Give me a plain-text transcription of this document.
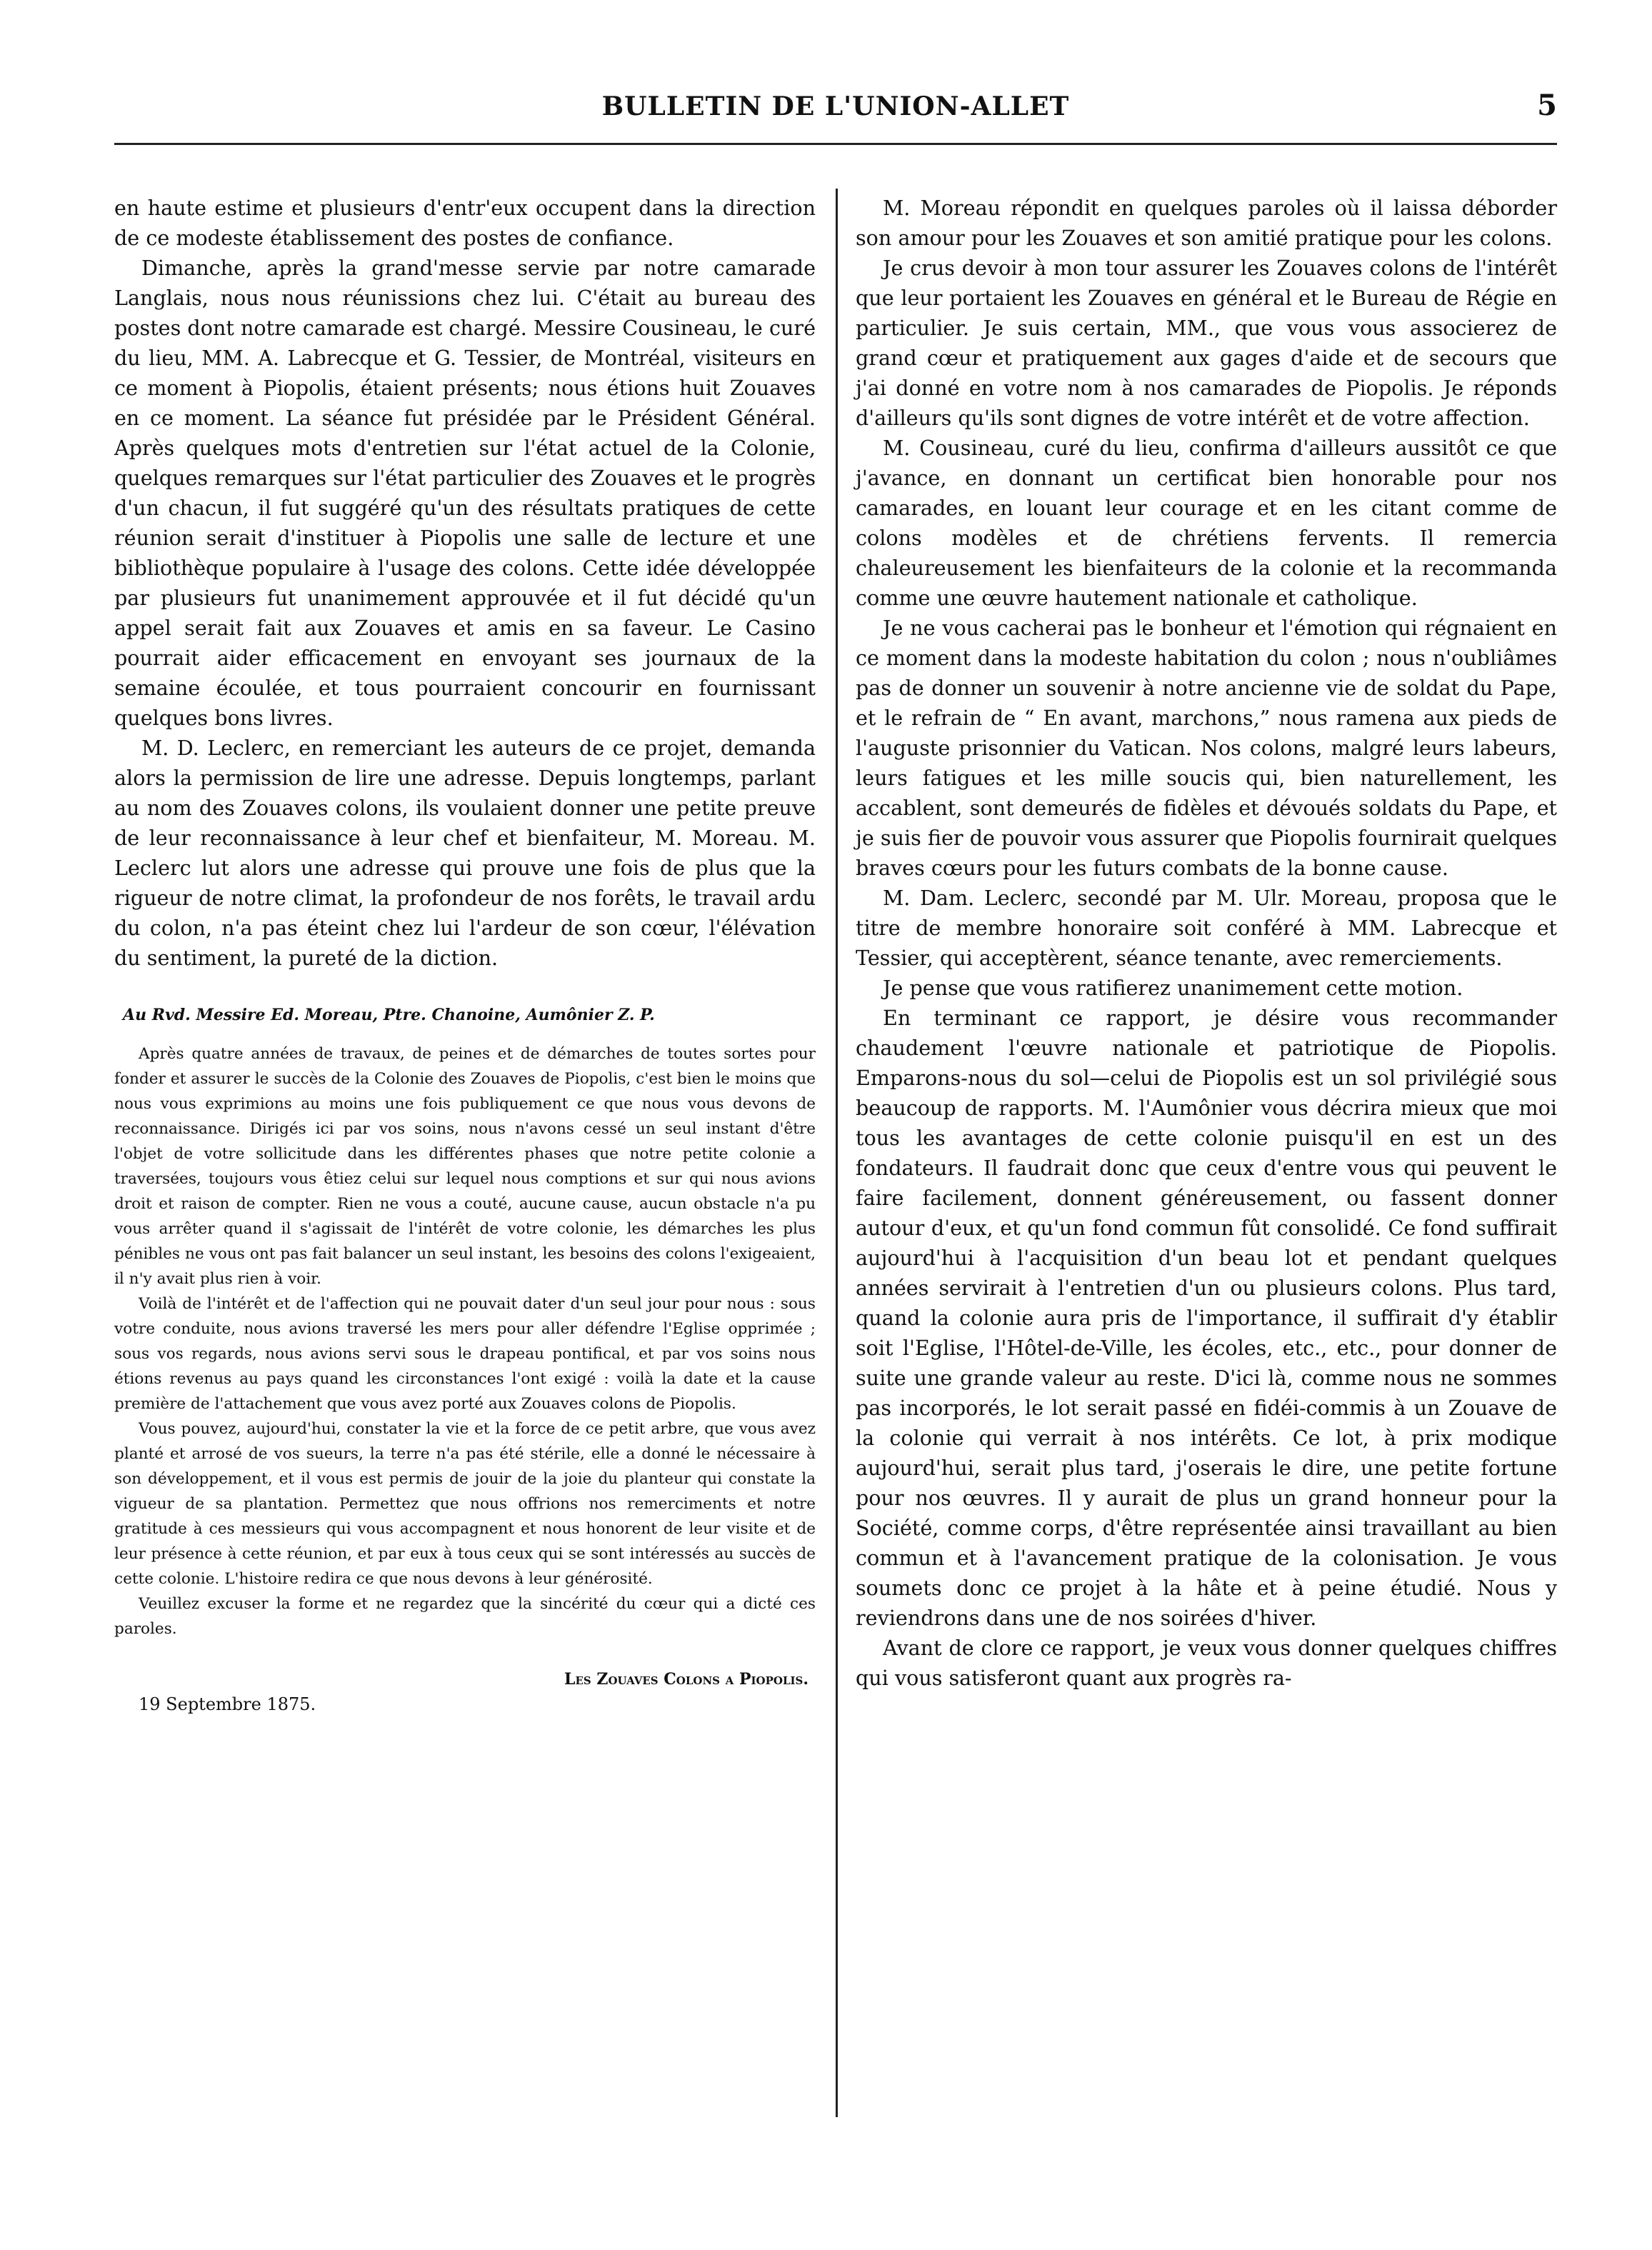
BULLETIN DE L'UNION-ALLET	5

en haute estime et plusieurs d'entr'eux occupent dans la direction de ce modeste établissement des postes de confiance.

Dimanche, après la grand'messe servie par notre camarade Langlais, nous nous réunissions chez lui. C'était au bureau des postes dont notre camarade est chargé. Messire Cousineau, le curé du lieu, MM. A. Labrecque et G. Tessier, de Montréal, visiteurs en ce moment à Piopolis, étaient présents; nous étions huit Zouaves en ce moment. La séance fut présidée par le Président Général. Après quelques mots d'entretien sur l'état actuel de la Colonie, quelques remarques sur l'état particulier des Zouaves et le progrès d'un chacun, il fut suggéré qu'un des résultats pratiques de cette réunion serait d'instituer à Piopolis une salle de lecture et une bibliothèque populaire à l'usage des colons. Cette idée développée par plusieurs fut unanimement approuvée et il fut décidé qu'un appel serait fait aux Zouaves et amis en sa faveur. Le Casino pourrait aider efficacement en envoyant ses journaux de la semaine écoulée, et tous pourraient concourir en fournissant quelques bons livres.

M. D. Leclerc, en remerciant les auteurs de ce projet, demanda alors la permission de lire une adresse. Depuis longtemps, parlant au nom des Zouaves colons, ils voulaient donner une petite preuve de leur reconnaissance à leur chef et bienfaiteur, M. Moreau. M. Leclerc lut alors une adresse qui prouve une fois de plus que la rigueur de notre climat, la profondeur de nos forêts, le travail ardu du colon, n'a pas éteint chez lui l'ardeur de son cœur, l'élévation du sentiment, la pureté de la diction.

Au Rvd. Messire Ed. Moreau, Ptre. Chanoine, Aumônier Z. P.

Après quatre années de travaux, de peines et de démarches de toutes sortes pour fonder et assurer le succès de la Colonie des Zouaves de Piopolis, c'est bien le moins que nous vous exprimions au moins une fois publiquement ce que nous vous devons de reconnaissance. Dirigés ici par vos soins, nous n'avons cessé un seul instant d'être l'objet de votre sollicitude dans les différentes phases que notre petite colonie a traversées, toujours vous êtiez celui sur lequel nous comptions et sur qui nous avions droit et raison de compter. Rien ne vous a couté, aucune cause, aucun obstacle n'a pu vous arrêter quand il s'agissait de l'intérêt de votre colonie, les démarches les plus pénibles ne vous ont pas fait balancer un seul instant, les besoins des colons l'exigeaient, il n'y avait plus rien à voir.

Voilà de l'intérêt et de l'affection qui ne pouvait dater d'un seul jour pour nous : sous votre conduite, nous avions traversé les mers pour aller défendre l'Eglise opprimée ; sous vos regards, nous avions servi sous le drapeau pontifical, et par vos soins nous étions revenus au pays quand les circonstances l'ont exigé : voilà la date et la cause première de l'attachement que vous avez porté aux Zouaves colons de Piopolis.

Vous pouvez, aujourd'hui, constater la vie et la force de ce petit arbre, que vous avez planté et arrosé de vos sueurs, la terre n'a pas été stérile, elle a donné le nécessaire à son développement, et il vous est permis de jouir de la joie du planteur qui constate la vigueur de sa plantation. Permettez que nous offrions nos remerciments et notre gratitude à ces messieurs qui vous accompagnent et nous honorent de leur visite et de leur présence à cette réunion, et par eux à tous ceux qui se sont intéressés au succès de cette colonie. L'histoire redira ce que nous devons à leur générosité.

Veuillez excuser la forme et ne regardez que la sincérité du cœur qui a dicté ces paroles.

Les Zouaves Colons a Piopolis.

19 Septembre 1875.

M. Moreau répondit en quelques paroles où il laissa déborder son amour pour les Zouaves et son amitié pratique pour les colons.

Je crus devoir à mon tour assurer les Zouaves colons de l'intérêt que leur portaient les Zouaves en général et le Bureau de Régie en particulier. Je suis certain, MM., que vous vous associerez de grand cœur et pratiquement aux gages d'aide et de secours que j'ai donné en votre nom à nos camarades de Piopolis. Je réponds d'ailleurs qu'ils sont dignes de votre intérêt et de votre affection.

M. Cousineau, curé du lieu, confirma d'ailleurs aussitôt ce que j'avance, en donnant un certificat bien honorable pour nos camarades, en louant leur courage et en les citant comme de colons modèles et de chrétiens fervents. Il remercia chaleureusement les bienfaiteurs de la colonie et la recommanda comme une œuvre hautement nationale et catholique.

Je ne vous cacherai pas le bonheur et l'émotion qui régnaient en ce moment dans la modeste habitation du colon ; nous n'oubliâmes pas de donner un souvenir à notre ancienne vie de soldat du Pape, et le refrain de “ En avant, marchons,” nous ramena aux pieds de l'auguste prisonnier du Vatican. Nos colons, malgré leurs labeurs, leurs fatigues et les mille soucis qui, bien naturellement, les accablent, sont demeurés de fidèles et dévoués soldats du Pape, et je suis fier de pouvoir vous assurer que Piopolis fournirait quelques braves cœurs pour les futurs combats de la bonne cause.

M. Dam. Leclerc, secondé par M. Ulr. Moreau, proposa que le titre de membre honoraire soit conféré à MM. Labrecque et Tessier, qui acceptèrent, séance tenante, avec remerciements.

Je pense que vous ratifierez unanimement cette motion.

En terminant ce rapport, je désire vous recommander chaudement l'œuvre nationale et patriotique de Piopolis. Emparons-nous du sol—celui de Piopolis est un sol privilégié sous beaucoup de rapports. M. l'Aumônier vous décrira mieux que moi tous les avantages de cette colonie puisqu'il en est un des fondateurs. Il faudrait donc que ceux d'entre vous qui peuvent le faire facilement, donnent généreusement, ou fassent donner autour d'eux, et qu'un fond commun fût consolidé. Ce fond suffirait aujourd'hui à l'acquisition d'un beau lot et pendant quelques années servirait à l'entretien d'un ou plusieurs colons. Plus tard, quand la colonie aura pris de l'importance, il suffirait d'y établir soit l'Eglise, l'Hôtel-de-Ville, les écoles, etc., etc., pour donner de suite une grande valeur au reste. D'ici là, comme nous ne sommes pas incorporés, le lot serait passé en fidéi-commis à un Zouave de la colonie qui verrait à nos intérêts. Ce lot, à prix modique aujourd'hui, serait plus tard, j'oserais le dire, une petite fortune pour nos œuvres. Il y aurait de plus un grand honneur pour la Société, comme corps, d'être représentée ainsi travaillant au bien commun et à l'avancement pratique de la colonisation. Je vous soumets donc ce projet à la hâte et à peine étudié. Nous y reviendrons dans une de nos soirées d'hiver.

Avant de clore ce rapport, je veux vous donner quelques chiffres qui vous satisferont quant aux progrès ra-
